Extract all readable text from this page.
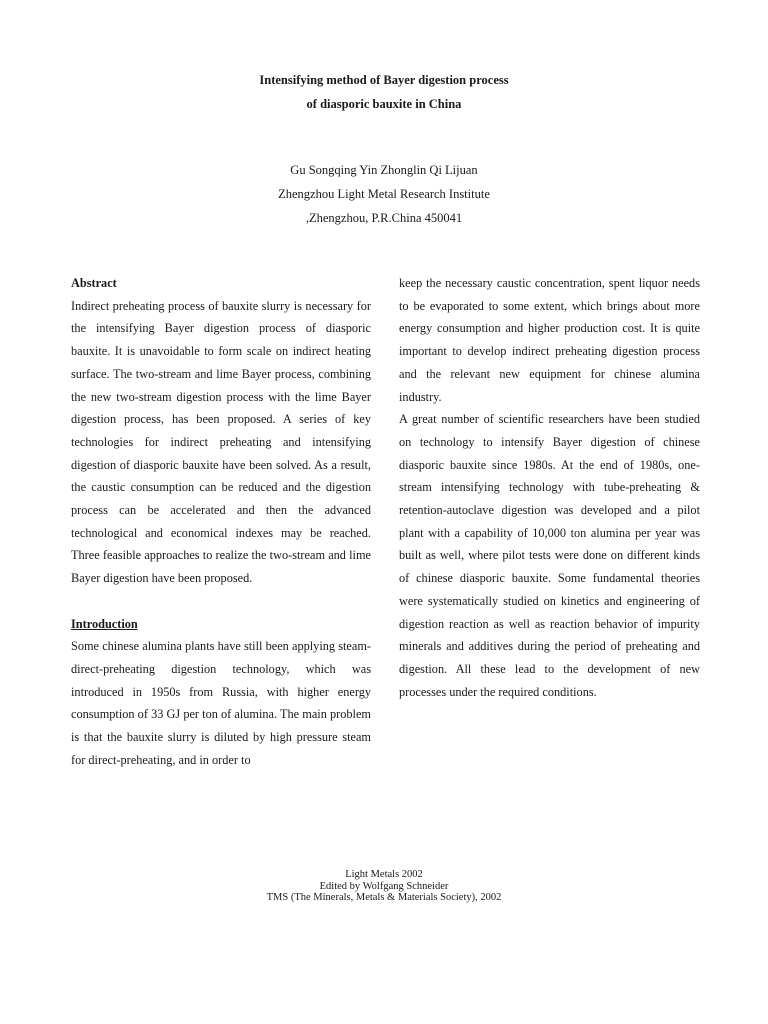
Intensifying method of Bayer digestion process
of diasporic bauxite in China
Gu Songqing Yin Zhonglin Qi Lijuan
Zhengzhou Light Metal Research Institute
,Zhengzhou, P.R.China 450041
Abstract

Indirect preheating process of bauxite slurry is necessary for the intensifying Bayer digestion process of diasporic bauxite. It is unavoidable to form scale on indirect heating surface. The two-stream and lime Bayer process, combining the new two-stream digestion process with the lime Bayer digestion process, has been proposed. A series of key technologies for indirect preheating and intensifying digestion of diasporic bauxite have been solved. As a result, the caustic consumption can be reduced and the digestion process can be accelerated and then the advanced technological and economical indexes may be reached. Three feasible approaches to realize the two-stream and lime Bayer digestion have been proposed.

Introduction

Some chinese alumina plants have still been applying steam-direct-preheating digestion technology, which was introduced in 1950s from Russia, with higher energy consumption of 33 GJ per ton of alumina. The main problem is that the bauxite slurry is diluted by high pressure steam for direct-preheating, and in order to

keep the necessary caustic concentration, spent liquor needs to be evaporated to some extent, which brings about more energy consumption and higher production cost. It is quite important to develop indirect preheating digestion process and the relevant new equipment for chinese alumina industry.

A great number of scientific researchers have been studied on technology to intensify Bayer digestion of chinese diasporic bauxite since 1980s. At the end of 1980s, one-stream intensifying technology with tube-preheating & retention-autoclave digestion was developed and a pilot plant with a capability of 10,000 ton alumina per year was built as well, where pilot tests were done on different kinds of chinese diasporic bauxite. Some fundamental theories were systematically studied on kinetics and engineering of digestion reaction as well as reaction behavior of impurity minerals and additives during the period of preheating and digestion. All these lead to the development of new processes under the required conditions.

Light Metals 2002
Edited by Wolfgang Schneider
TMS (The Minerals, Metals & Materials Society), 2002
